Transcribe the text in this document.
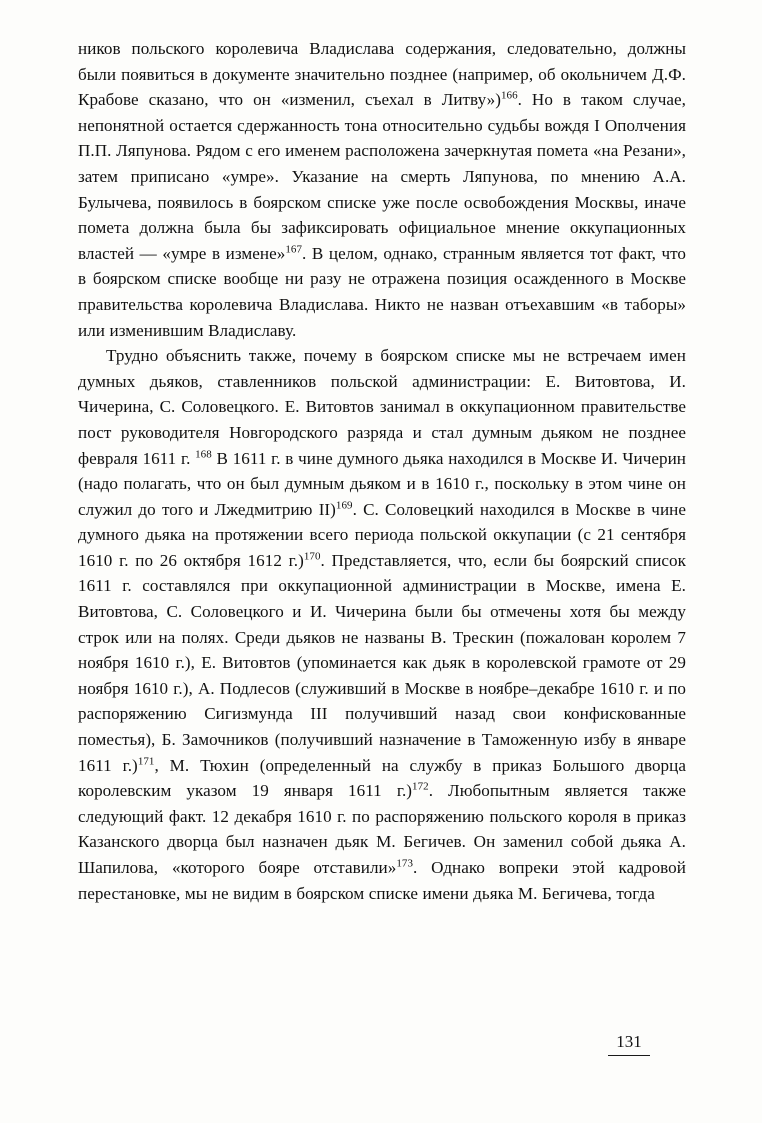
ников польского королевича Владислава содержания, следовательно, должны были появиться в документе значительно позднее (например, об окольничем Д.Ф. Крабове сказано, что он «изменил, съехал в Литву»)$^{166}$. Но в таком случае, непонятной остается сдержанность тона относительно судьбы вождя I Ополчения П.П. Ляпунова. Рядом с его именем расположена зачеркнутая помета «на Резани», затем приписано «умре». Указание на смерть Ляпунова, по мнению А.А. Булычева, появилось в боярском списке уже после освобождения Москвы, иначе помета должна была бы зафиксировать официальное мнение оккупационных властей — «умре в измене»$^{167}$. В целом, однако, странным является тот факт, что в боярском списке вообще ни разу не отражена позиция осажденного в Москве правительства королевича Владислава. Никто не назван отъехавшим «в таборы» или изменившим Владиславу.

Трудно объяснить также, почему в боярском списке мы не встречаем имен думных дьяков, ставленников польской администрации: Е. Витовтова, И. Чичерина, С. Соловецкого. Е. Витовтов занимал в оккупационном правительстве пост руководителя Новгородского разряда и стал думным дьяком не позднее февраля 1611 г. $^{168}$ В 1611 г. в чине думного дьяка находился в Москве И. Чичерин (надо полагать, что он был думным дьяком и в 1610 г., поскольку в этом чине он служил до того и Лжедмитрию II)$^{169}$. С. Соловецкий находился в Москве в чине думного дьяка на протяжении всего периода польской оккупации (с 21 сентября 1610 г. по 26 октября 1612 г.)$^{170}$. Представляется, что, если бы боярский список 1611 г. составлялся при оккупационной администрации в Москве, имена Е. Витовтова, С. Соловецкого и И. Чичерина были бы отмечены хотя бы между строк или на полях. Среди дьяков не названы В. Трескин (пожалован королем 7 ноября 1610 г.), Е. Витовтов (упоминается как дьяк в королевской грамоте от 29 ноября 1610 г.), А. Подлесов (служивший в Москве в ноябре–декабре 1610 г. и по распоряжению Сигизмунда III получивший назад свои конфискованные поместья), Б. Замочников (получивший назначение в Таможенную избу в январе 1611 г.)$^{171}$, М. Тюхин (определенный на службу в приказ Большого дворца королевским указом 19 января 1611 г.)$^{172}$. Любопытным является также следующий факт. 12 декабря 1610 г. по распоряжению польского короля в приказ Казанского дворца был назначен дьяк М. Бегичев. Он заменил собой дьяка А. Шапилова, «которого бояре отставили»$^{173}$. Однако вопреки этой кадровой перестановке, мы не видим в боярском списке имени дьяка М. Бегичева, тогда

131
